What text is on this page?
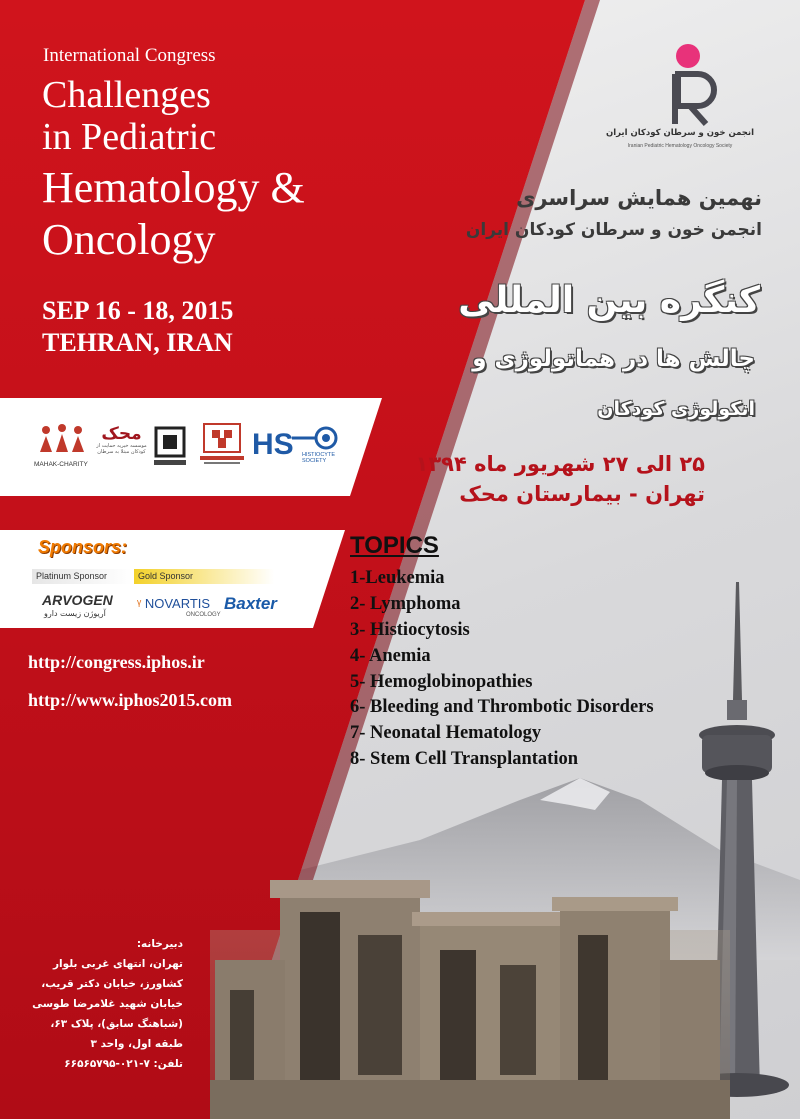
International Congress
Challenges
in Pediatric
Hematology &
Oncology
SEP 16 - 18, 2015
TEHRAN, IRAN
MAHAK-CHARITY
محک
موسسه خیریه حمایت از کودکان مبتلا به سرطان	HS HISTIOCYTE
SOCIETY
Sponsors:
Platinum Sponsor	Gold Sponsor
ARVOGEN
آریوژن زیست دارو
ᵞ NOVARTIS
ONCOLOGY
Baxter
http://congress.iphos.ir
http://www.iphos2015.com
دبیرخانه:
تهران، انتهای غربی بلوار
کشاورز، خیابان دکتر قریب،
خیابان شهید غلامرضا طوسی
(شباهنگ سابق)، پلاک ۶۳،
طبقه اول، واحد ۳
تلفن: ۷-۰۲۱-۶۶۵۶۵۷۹۵
انجمن خون و سرطان کودکان ایران
Iranian Pediatric Hematology Oncology Society
نهمین همایش سراسری
انجمن خون و سرطان کودکان ایران
کنگره بین المللی
چالش ها در هماتولوژی و
انکولوژی کودکان
۲۵ الی ۲۷ شهریور ماه ۱۳۹۴
تهران - بیمارستان محک
TOPICS
1-Leukemia
2- Lymphoma
3- Histiocytosis
4- Anemia
5- Hemoglobinopathies
6- Bleeding and Thrombotic Disorders
7- Neonatal Hematology
8- Stem Cell Transplantation
